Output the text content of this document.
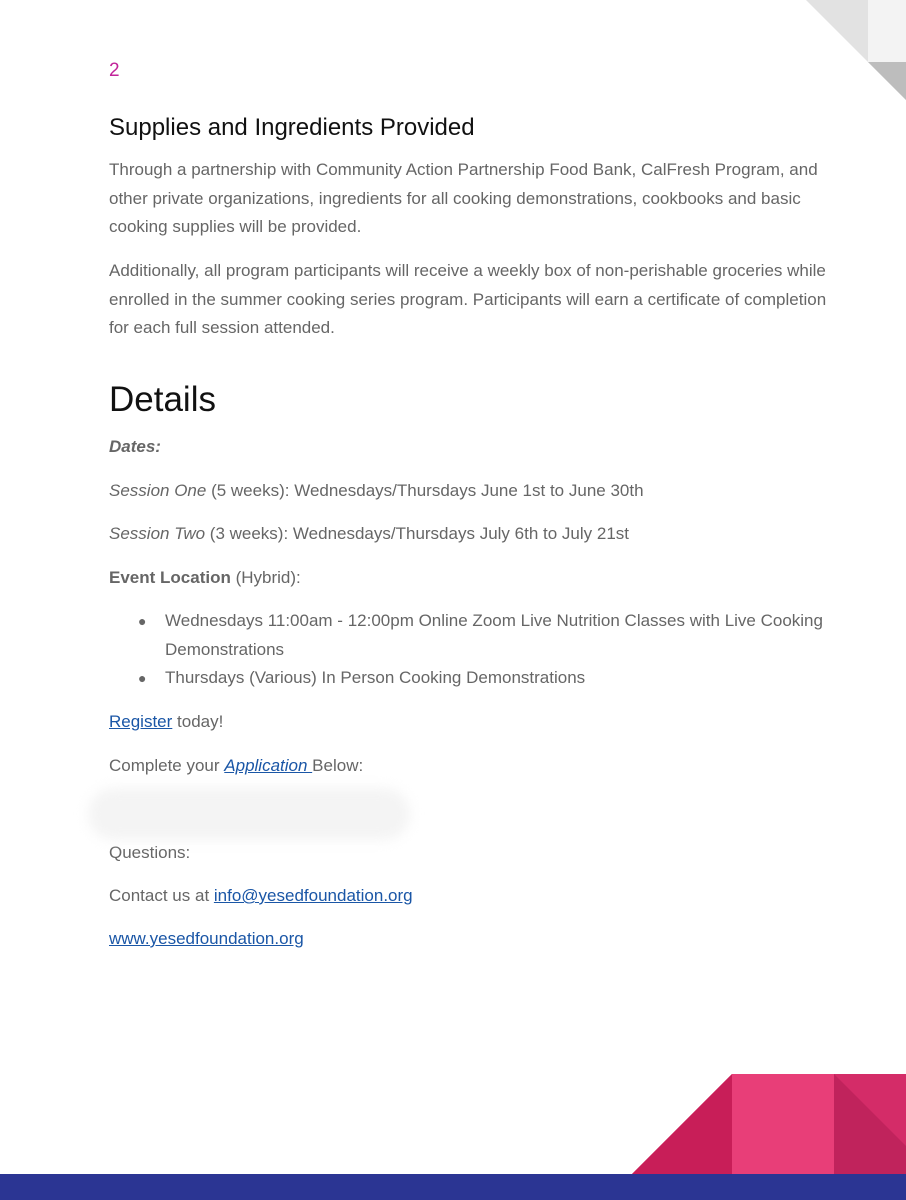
2
Supplies and Ingredients Provided

Through a partnership with Community Action Partnership Food Bank, CalFresh Program, and other private organizations, ingredients for all cooking demonstrations, cookbooks and basic cooking supplies will be provided.

Additionally, all program participants will receive a weekly box of non-perishable groceries while enrolled in the summer cooking series program. Participants will earn a certificate of completion for each full session attended.

Details
Dates:
Session One (5 weeks): Wednesdays/Thursdays June 1st to June 30th
Session Two (3 weeks): Wednesdays/Thursdays July 6th to July 21st
Event Location (Hybrid):
● Wednesdays 11:00am - 12:00pm Online Zoom Live Nutrition Classes with Live Cooking Demonstrations
● Thursdays (Various) In Person Cooking Demonstrations
Register today!
Complete your Application Below:
Questions:
Contact us at info@yesedfoundation.org
www.yesedfoundation.org
